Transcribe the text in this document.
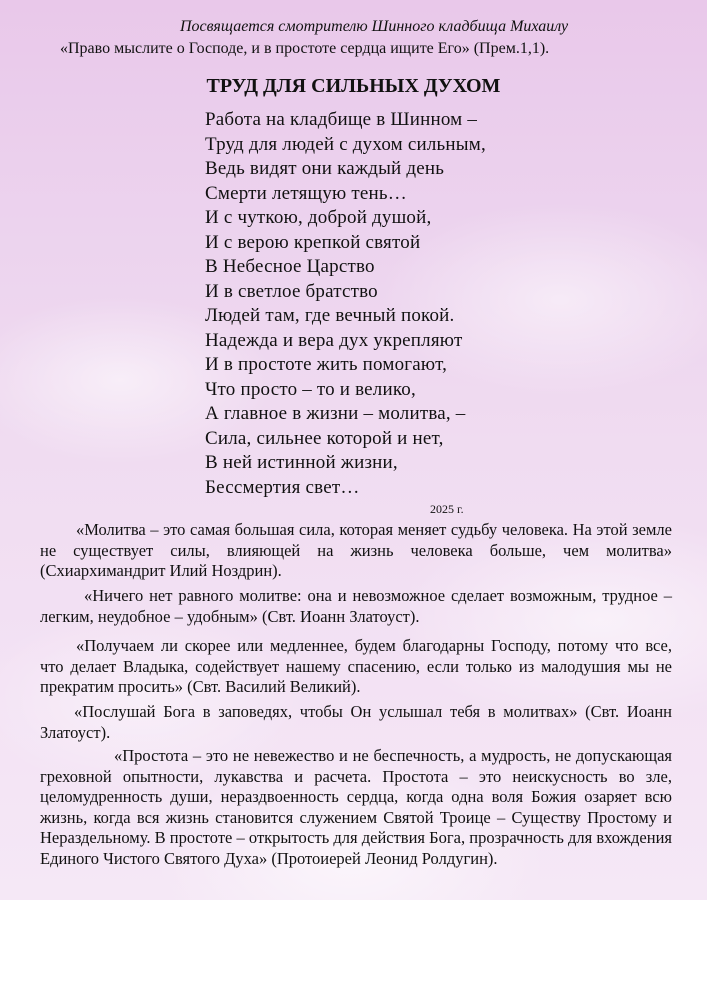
Посвящается смотрителю Шинного кладбища Михаилу
«Право мыслите о Господе, и в простоте сердца ищите Его» (Прем.1,1).
ТРУД ДЛЯ СИЛЬНЫХ ДУХОМ
Работа на кладбище в Шинном –
Труд для людей с духом сильным,
Ведь видят они каждый день
Смерти летящую тень…
И с чуткою, доброй душой,
И с верою крепкой святой
В Небесное Царство
И в светлое братство
Людей там, где вечный покой.
Надежда и вера дух укрепляют
И в простоте жить помогают,
Что просто – то и велико,
А главное в жизни – молитва, –
Сила, сильнее которой и нет,
В ней истинной жизни,
Бессмертия свет…
2025 г.

«Молитва – это самая большая сила, которая меняет судьбу человека. На этой земле не существует силы, влияющей на жизнь человека больше, чем молитва» (Схиархимандрит Илий Ноздрин).

«Ничего нет равного молитве: она и невозможное сделает возможным, трудное – легким, неудобное – удобным» (Свт. Иоанн Златоуст).

«Получаем ли скорее или медленнее, будем благодарны Господу, потому что все, что делает Владыка, содействует нашему спасению, если только из малодушия мы не прекратим просить» (Свт. Василий Великий).

«Послушай Бога в заповедях, чтобы Он услышал тебя в молитвах» (Свт. Иоанн Златоуст).

«Простота – это не невежество и не беспечность, а мудрость, не допускающая греховной опытности, лукавства и расчета. Простота – это неискусность во зле, целомудренность души, нераздвоенность сердца, когда одна воля Божия озаряет всю жизнь, когда вся жизнь становится служением Святой Троице – Существу Простому и Нераздельному. В простоте – открытость для действия Бога, прозрачность для вхождения Единого Чистого Святого Духа» (Протоиерей Леонид Ролдугин).
